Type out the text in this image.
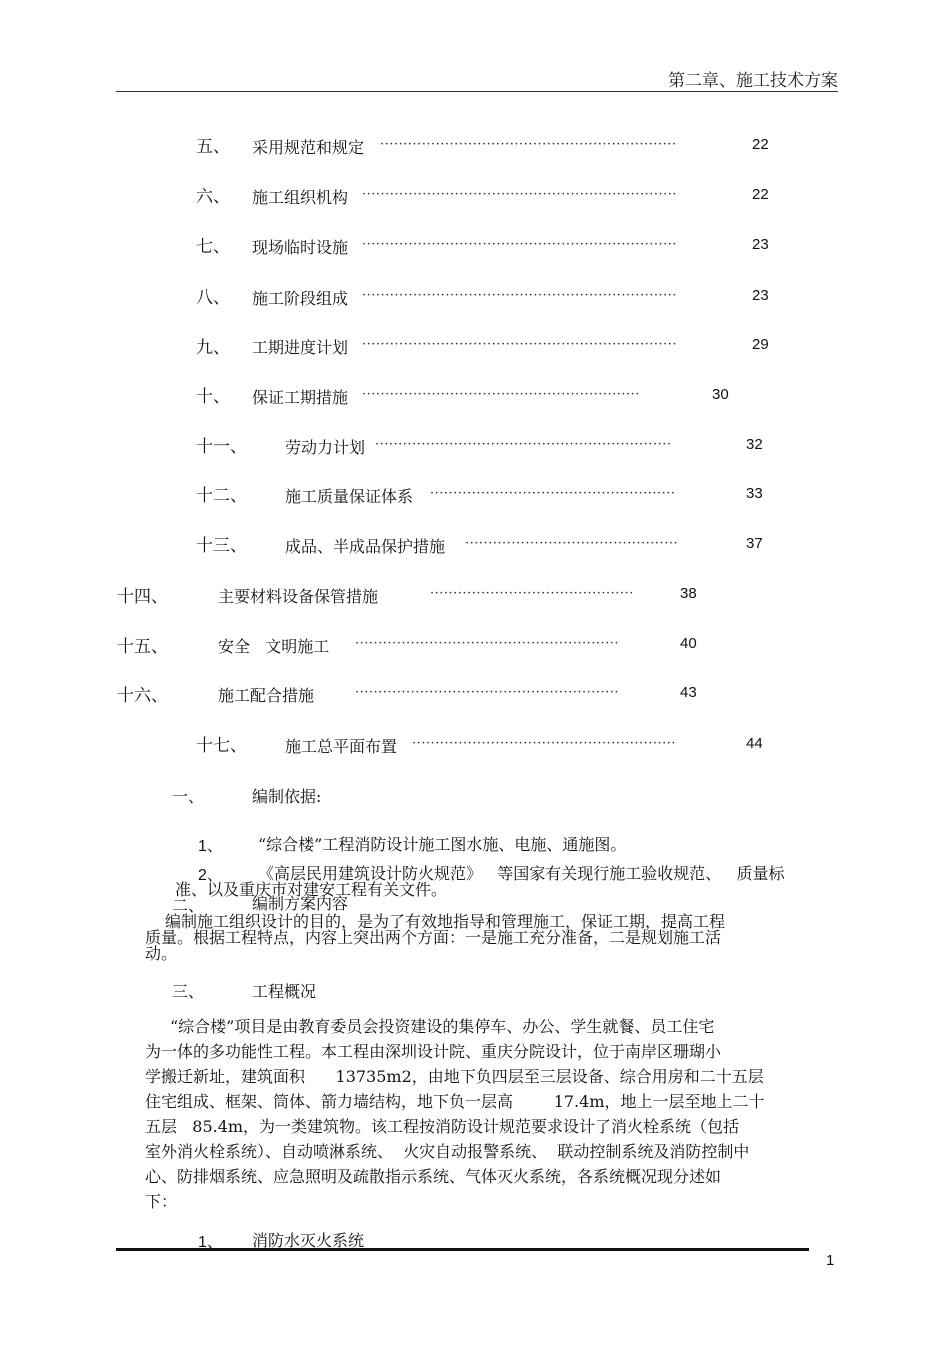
第二章、施工技术方案
五、 采用规范和规定 ································································	22
六、 施工组织机构 ····································································	22
七、 现场临时设施 ····································································	23
八、 施工阶段组成 ····································································	23
九、 工期进度计划 ····································································	29
十、 保证工期措施 ····························································	30
十一、 劳动力计划 ································································	32
十二、 施工质量保证体系 ·····················································	33
十三、 成品、半成品保护措施 ··············································	37
十四、	主要材料设备保管措施	············································	38
十五、	安全   文明施工 ·························································	40
十六、	施工配合措施	·························································	43
十七、 施工总平面布置 ·························································	44
一、	编制依据:
1、 “综合楼”工程消防设计施工图水施、电施、通施图。
2、 《高层民用建筑设计防火规范》   等国家有关现行施工验收规范、   质量标
准、以及重庆市对建安工程有关文件。
二、	编制方案内容
编制施工组织设计的目的，是为了有效地指导和管理施工，保证工期，提高工程
质量。根据工程特点，内容上突出两个方面：一是施工充分准备，二是规划施工活
动。
三、	工程概况
“综合楼”项目是由教育委员会投资建设的集停车、办公、学生就餐、员工住宅
为一体的多功能性工程。本工程由深圳设计院、重庆分院设计，位于南岸区珊瑚小
学搬迁新址，建筑面积      13735m2，由地下负四层至三层设备、综合用房和二十五层
住宅组成、框架、筒体、箭力墙结构，地下负一层高        17.4m，地上一层至地上二十
五层   85.4m，为一类建筑物。该工程按消防设计规范要求设计了消火栓系统（包括
室外消火栓系统）、自动喷淋系统、  火灾自动报警系统、  联动控制系统及消防控制中
心、防排烟系统、应急照明及疏散指示系统、气体灭火系统，各系统概况现分述如
下：
1、 消防水灭火系统
1
